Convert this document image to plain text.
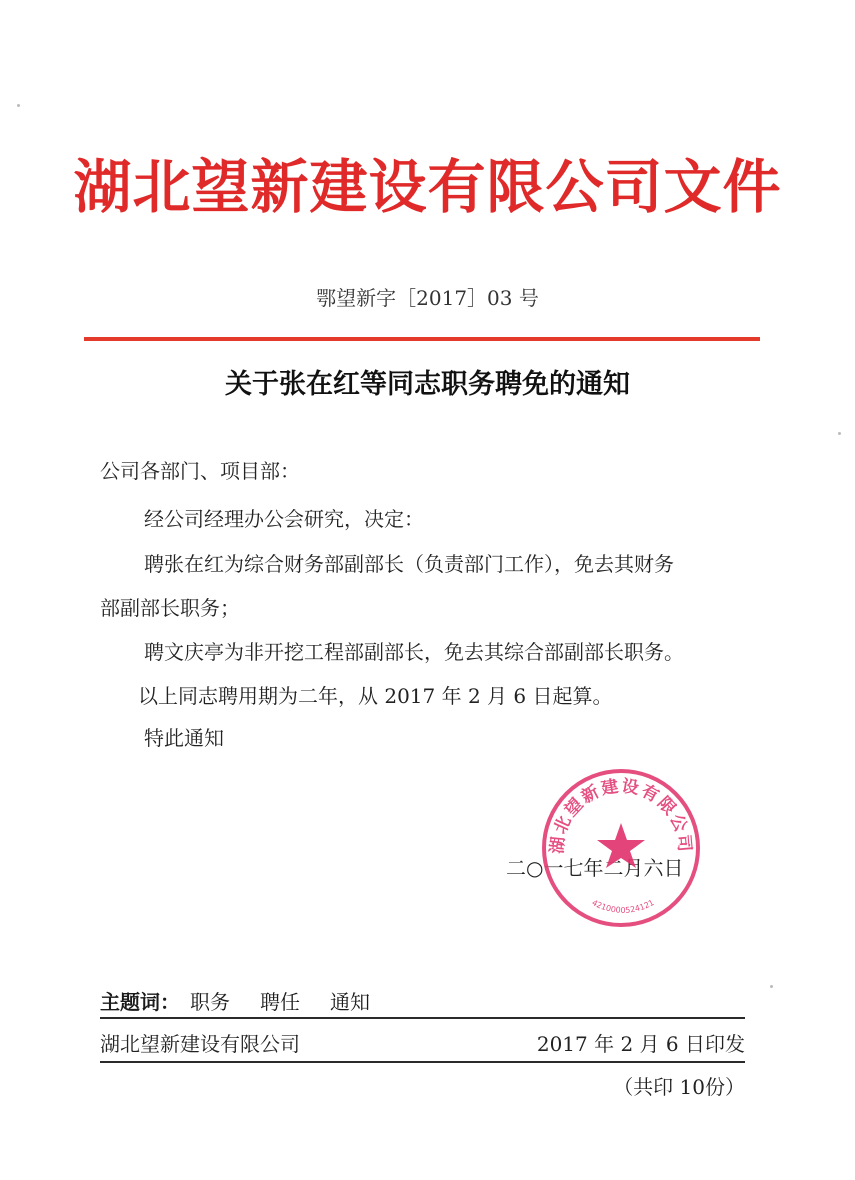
湖北望新建设有限公司文件
鄂望新字［2017］03 号
关于张在红等同志职务聘免的通知
公司各部门、项目部：
经公司经理办公会研究，决定：
聘张在红为综合财务部副部长（负责部门工作），免去其财务
部副部长职务；
聘文庆亭为非开挖工程部副部长，免去其综合部副部长职务。
以上同志聘用期为二年，从 2017 年 2 月 6 日起算。
特此通知
二○一七年二月六日
湖北望新建设有限公司
4210000524121
主题词： 职务 聘任 通知
湖北望新建设有限公司	2017 年 2 月 6 日印发
（共印 10份）
